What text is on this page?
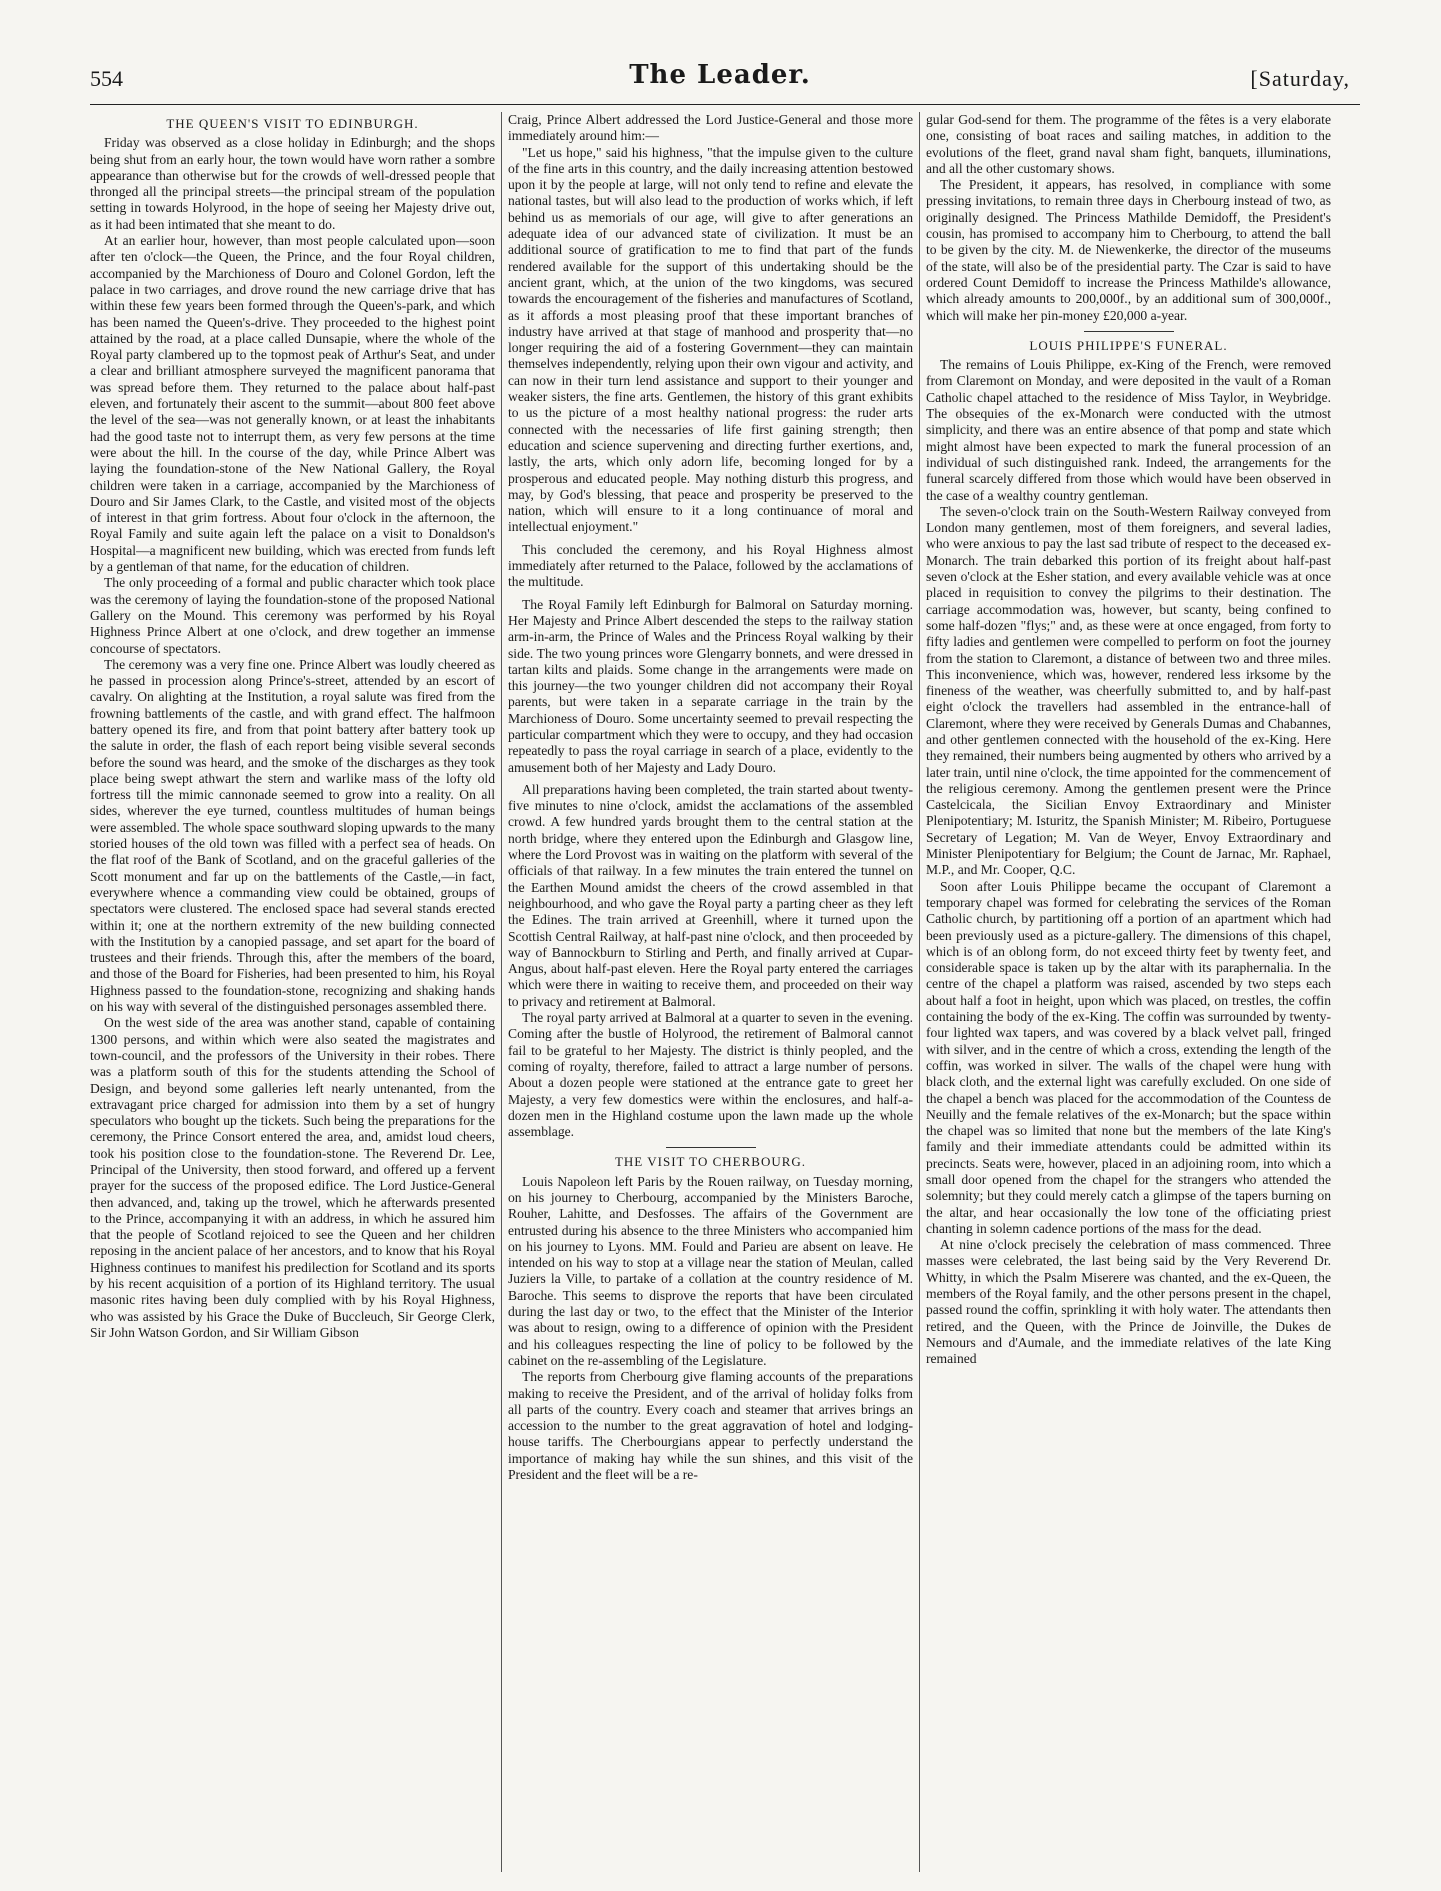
554	The Leader.	[Saturday,
THE QUEEN'S VISIT TO EDINBURGH.

Friday was observed as a close holiday in Edinburgh; and the shops being shut from an early hour, the town would have worn rather a sombre appearance than otherwise but for the crowds of well-dressed people that thronged all the principal streets—the principal stream of the population setting in towards Holyrood, in the hope of seeing her Majesty drive out, as it had been intimated that she meant to do.

At an earlier hour, however, than most people calculated upon—soon after ten o'clock—the Queen, the Prince, and the four Royal children, accompanied by the Marchioness of Douro and Colonel Gordon, left the palace in two carriages, and drove round the new carriage drive that has within these few years been formed through the Queen's-park, and which has been named the Queen's-drive. They proceeded to the highest point attained by the road, at a place called Dunsapie, where the whole of the Royal party clambered up to the topmost peak of Arthur's Seat, and under a clear and brilliant atmosphere surveyed the magnificent panorama that was spread before them. They returned to the palace about half-past eleven, and fortunately their ascent to the summit—about 800 feet above the level of the sea—was not generally known, or at least the inhabitants had the good taste not to interrupt them, as very few persons at the time were about the hill. In the course of the day, while Prince Albert was laying the foundation-stone of the New National Gallery, the Royal children were taken in a carriage, accompanied by the Marchioness of Douro and Sir James Clark, to the Castle, and visited most of the objects of interest in that grim fortress. About four o'clock in the afternoon, the Royal Family and suite again left the palace on a visit to Donaldson's Hospital—a magnificent new building, which was erected from funds left by a gentleman of that name, for the education of children.

The only proceeding of a formal and public character which took place was the ceremony of laying the foundation-stone of the proposed National Gallery on the Mound. This ceremony was performed by his Royal Highness Prince Albert at one o'clock, and drew together an immense concourse of spectators.

The ceremony was a very fine one. Prince Albert was loudly cheered as he passed in procession along Prince's-street, attended by an escort of cavalry. On alighting at the Institution, a royal salute was fired from the frowning battlements of the castle, and with grand effect. The halfmoon battery opened its fire, and from that point battery after battery took up the salute in order, the flash of each report being visible several seconds before the sound was heard, and the smoke of the discharges as they took place being swept athwart the stern and warlike mass of the lofty old fortress till the mimic cannonade seemed to grow into a reality. On all sides, wherever the eye turned, countless multitudes of human beings were assembled. The whole space southward sloping upwards to the many storied houses of the old town was filled with a perfect sea of heads. On the flat roof of the Bank of Scotland, and on the graceful galleries of the Scott monument and far up on the battlements of the Castle,—in fact, everywhere whence a commanding view could be obtained, groups of spectators were clustered. The enclosed space had several stands erected within it; one at the northern extremity of the new building connected with the Institution by a canopied passage, and set apart for the board of trustees and their friends. Through this, after the members of the board, and those of the Board for Fisheries, had been presented to him, his Royal Highness passed to the foundation-stone, recognizing and shaking hands on his way with several of the distinguished personages assembled there.

On the west side of the area was another stand, capable of containing 1300 persons, and within which were also seated the magistrates and town-council, and the professors of the University in their robes. There was a platform south of this for the students attending the School of Design, and beyond some galleries left nearly untenanted, from the extravagant price charged for admission into them by a set of hungry speculators who bought up the tickets. Such being the preparations for the ceremony, the Prince Consort entered the area, and, amidst loud cheers, took his position close to the foundation-stone. The Reverend Dr. Lee, Principal of the University, then stood forward, and offered up a fervent prayer for the success of the proposed edifice. The Lord Justice-General then advanced, and, taking up the trowel, which he afterwards presented to the Prince, accompanying it with an address, in which he assured him that the people of Scotland rejoiced to see the Queen and her children reposing in the ancient palace of her ancestors, and to know that his Royal Highness continues to manifest his predilection for Scotland and its sports by his recent acquisition of a portion of its Highland territory. The usual masonic rites having been duly complied with by his Royal Highness, who was assisted by his Grace the Duke of Buccleuch, Sir George Clerk, Sir John Watson Gordon, and Sir William Gibson

Craig, Prince Albert addressed the Lord Justice-General and those more immediately around him:—

"Let us hope," said his highness, "that the impulse given to the culture of the fine arts in this country, and the daily increasing attention bestowed upon it by the people at large, will not only tend to refine and elevate the national tastes, but will also lead to the production of works which, if left behind us as memorials of our age, will give to after generations an adequate idea of our advanced state of civilization. It must be an additional source of gratification to me to find that part of the funds rendered available for the support of this undertaking should be the ancient grant, which, at the union of the two kingdoms, was secured towards the encouragement of the fisheries and manufactures of Scotland, as it affords a most pleasing proof that these important branches of industry have arrived at that stage of manhood and prosperity that—no longer requiring the aid of a fostering Government—they can maintain themselves independently, relying upon their own vigour and activity, and can now in their turn lend assistance and support to their younger and weaker sisters, the fine arts. Gentlemen, the history of this grant exhibits to us the picture of a most healthy national progress: the ruder arts connected with the necessaries of life first gaining strength; then education and science supervening and directing further exertions, and, lastly, the arts, which only adorn life, becoming longed for by a prosperous and educated people. May nothing disturb this progress, and may, by God's blessing, that peace and prosperity be preserved to the nation, which will ensure to it a long continuance of moral and intellectual enjoyment."

This concluded the ceremony, and his Royal Highness almost immediately after returned to the Palace, followed by the acclamations of the multitude.

The Royal Family left Edinburgh for Balmoral on Saturday morning. Her Majesty and Prince Albert descended the steps to the railway station arm-in-arm, the Prince of Wales and the Princess Royal walking by their side. The two young princes wore Glengarry bonnets, and were dressed in tartan kilts and plaids. Some change in the arrangements were made on this journey—the two younger children did not accompany their Royal parents, but were taken in a separate carriage in the train by the Marchioness of Douro. Some uncertainty seemed to prevail respecting the particular compartment which they were to occupy, and they had occasion repeatedly to pass the royal carriage in search of a place, evidently to the amusement both of her Majesty and Lady Douro.

All preparations having been completed, the train started about twenty-five minutes to nine o'clock, amidst the acclamations of the assembled crowd. A few hundred yards brought them to the central station at the north bridge, where they entered upon the Edinburgh and Glasgow line, where the Lord Provost was in waiting on the platform with several of the officials of that railway. In a few minutes the train entered the tunnel on the Earthen Mound amidst the cheers of the crowd assembled in that neighbourhood, and who gave the Royal party a parting cheer as they left the Edines. The train arrived at Greenhill, where it turned upon the Scottish Central Railway, at half-past nine o'clock, and then proceeded by way of Bannockburn to Stirling and Perth, and finally arrived at Cupar-Angus, about half-past eleven. Here the Royal party entered the carriages which were there in waiting to receive them, and proceeded on their way to privacy and retirement at Balmoral.

The royal party arrived at Balmoral at a quarter to seven in the evening. Coming after the bustle of Holyrood, the retirement of Balmoral cannot fail to be grateful to her Majesty. The district is thinly peopled, and the coming of royalty, therefore, failed to attract a large number of persons. About a dozen people were stationed at the entrance gate to greet her Majesty, a very few domestics were within the enclosures, and half-a-dozen men in the Highland costume upon the lawn made up the whole assemblage.

THE VISIT TO CHERBOURG.

Louis Napoleon left Paris by the Rouen railway, on Tuesday morning, on his journey to Cherbourg, accompanied by the Ministers Baroche, Rouher, Lahitte, and Desfosses. The affairs of the Government are entrusted during his absence to the three Ministers who accompanied him on his journey to Lyons. MM. Fould and Parieu are absent on leave. He intended on his way to stop at a village near the station of Meulan, called Juziers la Ville, to partake of a collation at the country residence of M. Baroche. This seems to disprove the reports that have been circulated during the last day or two, to the effect that the Minister of the Interior was about to resign, owing to a difference of opinion with the President and his colleagues respecting the line of policy to be followed by the cabinet on the re-assembling of the Legislature.

The reports from Cherbourg give flaming accounts of the preparations making to receive the President, and of the arrival of holiday folks from all parts of the country. Every coach and steamer that arrives brings an accession to the number to the great aggravation of hotel and lodging-house tariffs. The Cherbourgians appear to perfectly understand the importance of making hay while the sun shines, and this visit of the President and the fleet will be a re-

gular God-send for them. The programme of the fêtes is a very elaborate one, consisting of boat races and sailing matches, in addition to the evolutions of the fleet, grand naval sham fight, banquets, illuminations, and all the other customary shows.

The President, it appears, has resolved, in compliance with some pressing invitations, to remain three days in Cherbourg instead of two, as originally designed. The Princess Mathilde Demidoff, the President's cousin, has promised to accompany him to Cherbourg, to attend the ball to be given by the city. M. de Niewenkerke, the director of the museums of the state, will also be of the presidential party. The Czar is said to have ordered Count Demidoff to increase the Princess Mathilde's allowance, which already amounts to 200,000f., by an additional sum of 300,000f., which will make her pin-money £20,000 a-year.

LOUIS PHILIPPE'S FUNERAL.

The remains of Louis Philippe, ex-King of the French, were removed from Claremont on Monday, and were deposited in the vault of a Roman Catholic chapel attached to the residence of Miss Taylor, in Weybridge. The obsequies of the ex-Monarch were conducted with the utmost simplicity, and there was an entire absence of that pomp and state which might almost have been expected to mark the funeral procession of an individual of such distinguished rank. Indeed, the arrangements for the funeral scarcely differed from those which would have been observed in the case of a wealthy country gentleman.

The seven-o'clock train on the South-Western Railway conveyed from London many gentlemen, most of them foreigners, and several ladies, who were anxious to pay the last sad tribute of respect to the deceased ex-Monarch. The train debarked this portion of its freight about half-past seven o'clock at the Esher station, and every available vehicle was at once placed in requisition to convey the pilgrims to their destination. The carriage accommodation was, however, but scanty, being confined to some half-dozen "flys;" and, as these were at once engaged, from forty to fifty ladies and gentlemen were compelled to perform on foot the journey from the station to Claremont, a distance of between two and three miles. This inconvenience, which was, however, rendered less irksome by the fineness of the weather, was cheerfully submitted to, and by half-past eight o'clock the travellers had assembled in the entrance-hall of Claremont, where they were received by Generals Dumas and Chabannes, and other gentlemen connected with the household of the ex-King. Here they remained, their numbers being augmented by others who arrived by a later train, until nine o'clock, the time appointed for the commencement of the religious ceremony. Among the gentlemen present were the Prince Castelcicala, the Sicilian Envoy Extraordinary and Minister Plenipotentiary; M. Isturitz, the Spanish Minister; M. Ribeiro, Portuguese Secretary of Legation; M. Van de Weyer, Envoy Extraordinary and Minister Plenipotentiary for Belgium; the Count de Jarnac, Mr. Raphael, M.P., and Mr. Cooper, Q.C.

Soon after Louis Philippe became the occupant of Claremont a temporary chapel was formed for celebrating the services of the Roman Catholic church, by partitioning off a portion of an apartment which had been previously used as a picture-gallery. The dimensions of this chapel, which is of an oblong form, do not exceed thirty feet by twenty feet, and considerable space is taken up by the altar with its paraphernalia. In the centre of the chapel a platform was raised, ascended by two steps each about half a foot in height, upon which was placed, on trestles, the coffin containing the body of the ex-King. The coffin was surrounded by twenty-four lighted wax tapers, and was covered by a black velvet pall, fringed with silver, and in the centre of which a cross, extending the length of the coffin, was worked in silver. The walls of the chapel were hung with black cloth, and the external light was carefully excluded. On one side of the chapel a bench was placed for the accommodation of the Countess de Neuilly and the female relatives of the ex-Monarch; but the space within the chapel was so limited that none but the members of the late King's family and their immediate attendants could be admitted within its precincts. Seats were, however, placed in an adjoining room, into which a small door opened from the chapel for the strangers who attended the solemnity; but they could merely catch a glimpse of the tapers burning on the altar, and hear occasionally the low tone of the officiating priest chanting in solemn cadence portions of the mass for the dead.

At nine o'clock precisely the celebration of mass commenced. Three masses were celebrated, the last being said by the Very Reverend Dr. Whitty, in which the Psalm Miserere was chanted, and the ex-Queen, the members of the Royal family, and the other persons present in the chapel, passed round the coffin, sprinkling it with holy water. The attendants then retired, and the Queen, with the Prince de Joinville, the Dukes de Nemours and d'Aumale, and the immediate relatives of the late King remained
